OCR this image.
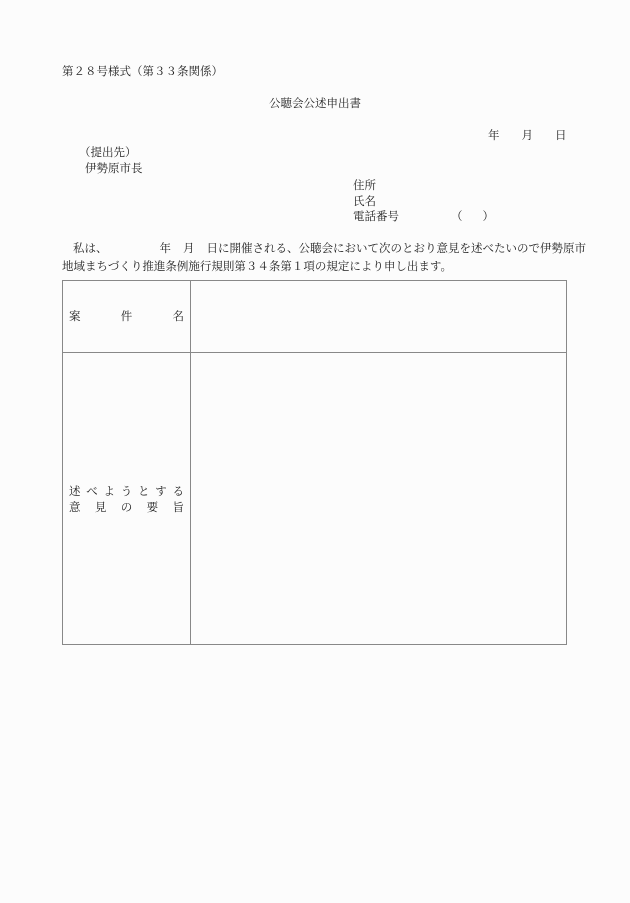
第２８号様式（第３３条関係）
公聴会公述申出書
年 月 日
（提出先）
伊勢原市長
住所
氏名
電話番号	（ ）
私は、	年 月 日に開催される、公聴会において次のとおり意見を述べたいので伊勢原市
地域まちづくり推進条例施行規則第３４条第１項の規定により申し出ます。
案	件	名
述 べ よ う と す る
意 見 の 要 旨
